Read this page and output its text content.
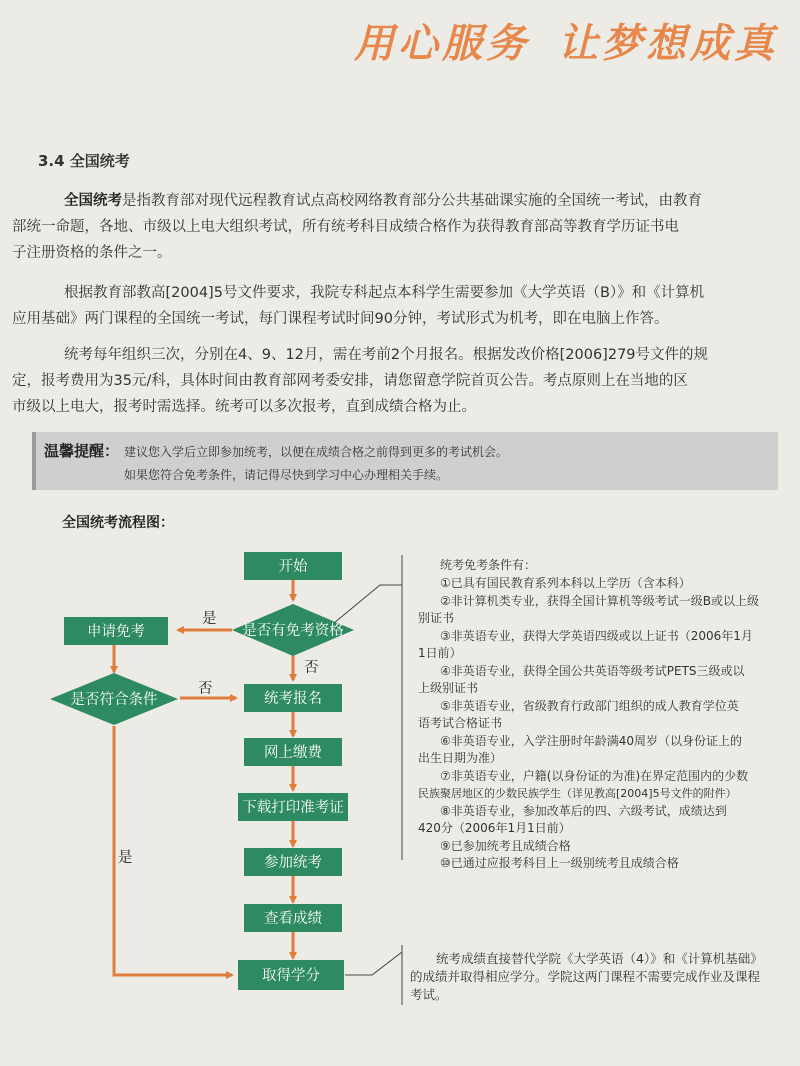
用心服务 让梦想成真
3.4 全国统考

全国统考是指教育部对现代远程教育试点高校网络教育部分公共基础课实施的全国统一考试，由教育
部统一命题，各地、市级以上电大组织考试，所有统考科目成绩合格作为获得教育部高等教育学历证书电
子注册资格的条件之一。

根据教育部教高[2004]5号文件要求，我院专科起点本科学生需要参加《大学英语（B）》和《计算机
应用基础》两门课程的全国统一考试，每门课程考试时间90分钟，考试形式为机考，即在电脑上作答。

统考每年组织三次，分别在4、9、12月，需在考前2个月报名。根据发改价格[2006]279号文件的规
定，报考费用为35元/科，具体时间由教育部网考委安排，请您留意学院首页公告。考点原则上在当地的区
市级以上电大，报考时需选择。统考可以多次报考，直到成绩合格为止。

温馨提醒： 建议您入学后立即参加统考，以便在成绩合格之前得到更多的考试机会。
如果您符合免考条件，请记得尽快到学习中心办理相关手续。
全国统考流程图：
开始
是否有免考资格
申请免考
是否符合条件	统考报名
网上缴费
下载打印准考证
参加统考
查看成绩
取得学分
是
否
否
是
统考免考条件有：
①已具有国民教育系列本科以上学历（含本科）
②非计算机类专业，获得全国计算机等级考试一级B或以上级
别证书
③非英语专业，获得大学英语四级或以上证书（2006年1月
1日前）
④非英语专业，获得全国公共英语等级考试PETS三级或以
上级别证书
⑤非英语专业，省级教育行政部门组织的成人教育学位英
语考试合格证书
⑥非英语专业，入学注册时年龄满40周岁（以身份证上的
出生日期为准）
⑦非英语专业，户籍(以身份证的为准)在界定范围内的少数
民族聚居地区的少数民族学生（详见教高[2004]5号文件的附件）
⑧非英语专业，参加改革后的四、六级考试，成绩达到
420分（2006年1月1日前）
⑨已参加统考且成绩合格
⑩已通过应报考科目上一级别统考且成绩合格
统考成绩直接替代学院《大学英语（4）》和《计算机基础》的成绩并取得相应学分。学院这两门课程不需要完成作业及课程考试。
